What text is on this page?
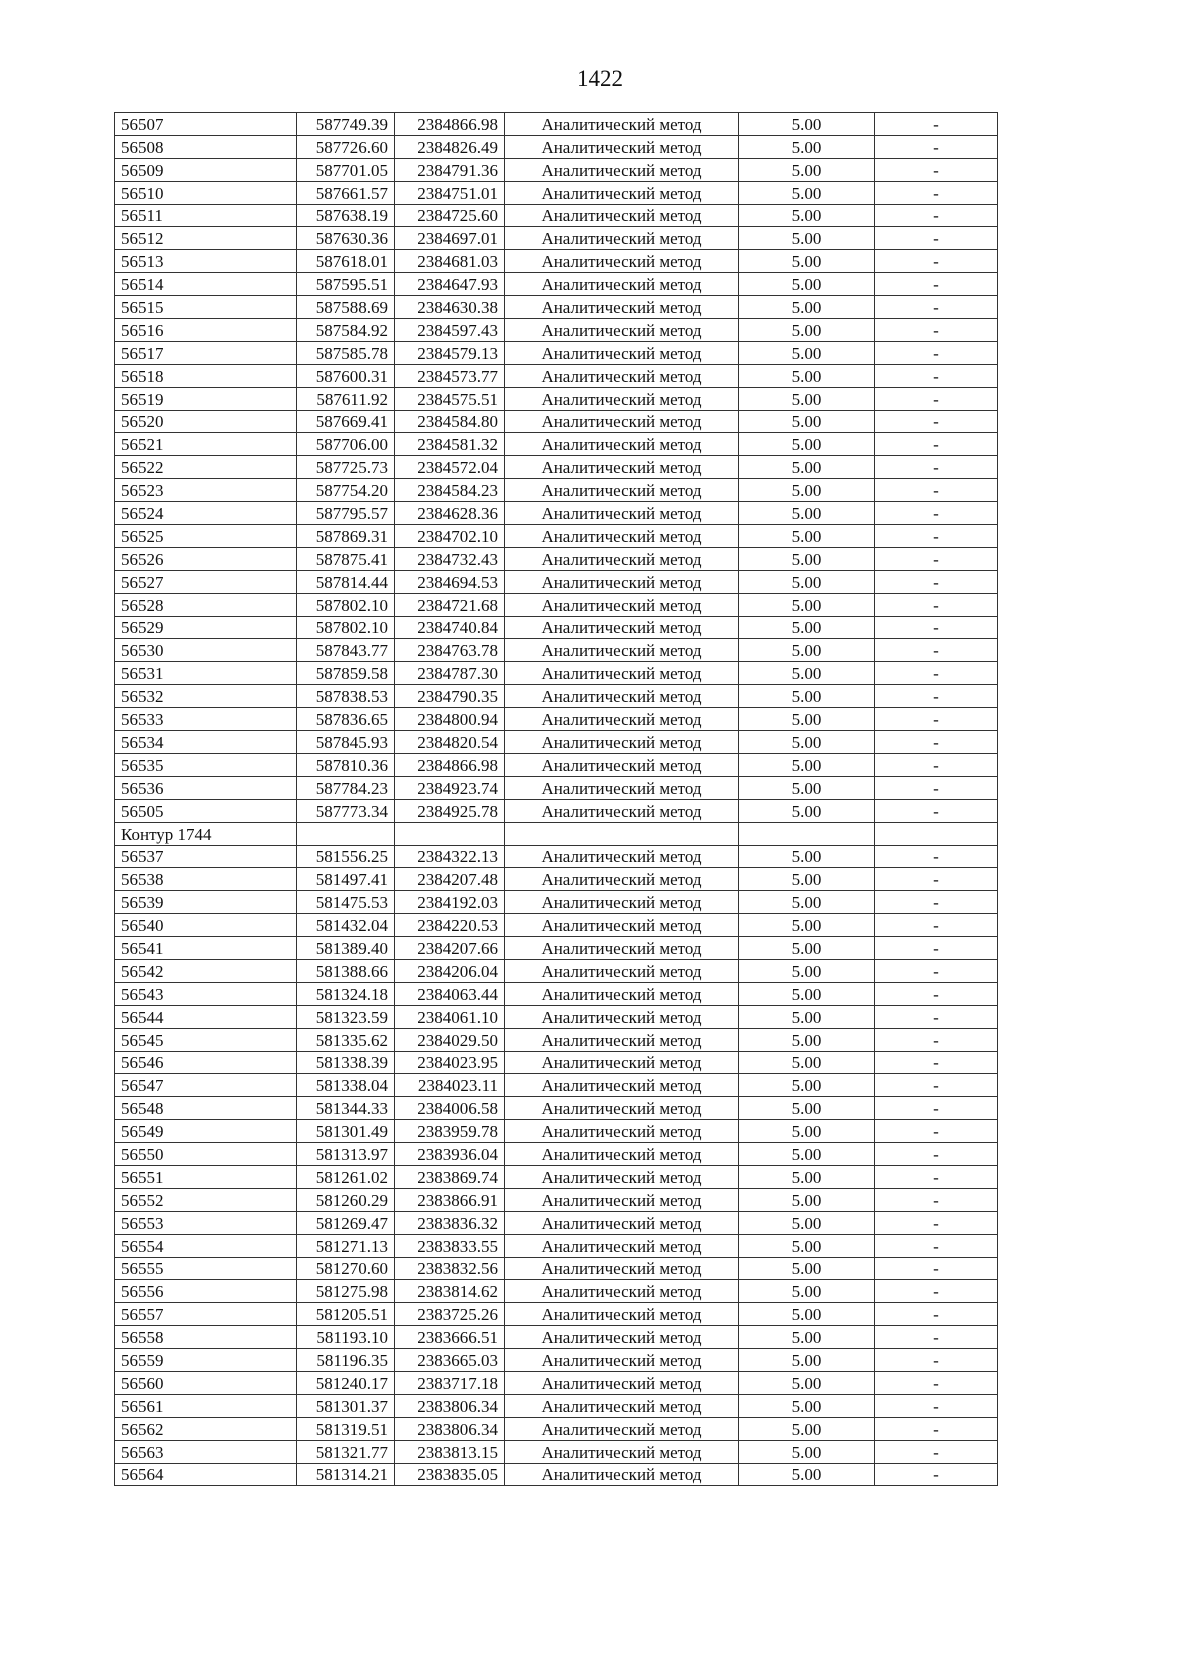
1422
56507	587749.39	2384866.98	Аналитический метод	5.00	-
56508	587726.60	2384826.49	Аналитический метод	5.00	-
56509	587701.05	2384791.36	Аналитический метод	5.00	-
56510	587661.57	2384751.01	Аналитический метод	5.00	-
56511	587638.19	2384725.60	Аналитический метод	5.00	-
56512	587630.36	2384697.01	Аналитический метод	5.00	-
56513	587618.01	2384681.03	Аналитический метод	5.00	-
56514	587595.51	2384647.93	Аналитический метод	5.00	-
56515	587588.69	2384630.38	Аналитический метод	5.00	-
56516	587584.92	2384597.43	Аналитический метод	5.00	-
56517	587585.78	2384579.13	Аналитический метод	5.00	-
56518	587600.31	2384573.77	Аналитический метод	5.00	-
56519	587611.92	2384575.51	Аналитический метод	5.00	-
56520	587669.41	2384584.80	Аналитический метод	5.00	-
56521	587706.00	2384581.32	Аналитический метод	5.00	-
56522	587725.73	2384572.04	Аналитический метод	5.00	-
56523	587754.20	2384584.23	Аналитический метод	5.00	-
56524	587795.57	2384628.36	Аналитический метод	5.00	-
56525	587869.31	2384702.10	Аналитический метод	5.00	-
56526	587875.41	2384732.43	Аналитический метод	5.00	-
56527	587814.44	2384694.53	Аналитический метод	5.00	-
56528	587802.10	2384721.68	Аналитический метод	5.00	-
56529	587802.10	2384740.84	Аналитический метод	5.00	-
56530	587843.77	2384763.78	Аналитический метод	5.00	-
56531	587859.58	2384787.30	Аналитический метод	5.00	-
56532	587838.53	2384790.35	Аналитический метод	5.00	-
56533	587836.65	2384800.94	Аналитический метод	5.00	-
56534	587845.93	2384820.54	Аналитический метод	5.00	-
56535	587810.36	2384866.98	Аналитический метод	5.00	-
56536	587784.23	2384923.74	Аналитический метод	5.00	-
56505	587773.34	2384925.78	Аналитический метод	5.00	-
Контур 1744					
56537	581556.25	2384322.13	Аналитический метод	5.00	-
56538	581497.41	2384207.48	Аналитический метод	5.00	-
56539	581475.53	2384192.03	Аналитический метод	5.00	-
56540	581432.04	2384220.53	Аналитический метод	5.00	-
56541	581389.40	2384207.66	Аналитический метод	5.00	-
56542	581388.66	2384206.04	Аналитический метод	5.00	-
56543	581324.18	2384063.44	Аналитический метод	5.00	-
56544	581323.59	2384061.10	Аналитический метод	5.00	-
56545	581335.62	2384029.50	Аналитический метод	5.00	-
56546	581338.39	2384023.95	Аналитический метод	5.00	-
56547	581338.04	2384023.11	Аналитический метод	5.00	-
56548	581344.33	2384006.58	Аналитический метод	5.00	-
56549	581301.49	2383959.78	Аналитический метод	5.00	-
56550	581313.97	2383936.04	Аналитический метод	5.00	-
56551	581261.02	2383869.74	Аналитический метод	5.00	-
56552	581260.29	2383866.91	Аналитический метод	5.00	-
56553	581269.47	2383836.32	Аналитический метод	5.00	-
56554	581271.13	2383833.55	Аналитический метод	5.00	-
56555	581270.60	2383832.56	Аналитический метод	5.00	-
56556	581275.98	2383814.62	Аналитический метод	5.00	-
56557	581205.51	2383725.26	Аналитический метод	5.00	-
56558	581193.10	2383666.51	Аналитический метод	5.00	-
56559	581196.35	2383665.03	Аналитический метод	5.00	-
56560	581240.17	2383717.18	Аналитический метод	5.00	-
56561	581301.37	2383806.34	Аналитический метод	5.00	-
56562	581319.51	2383806.34	Аналитический метод	5.00	-
56563	581321.77	2383813.15	Аналитический метод	5.00	-
56564	581314.21	2383835.05	Аналитический метод	5.00	-
